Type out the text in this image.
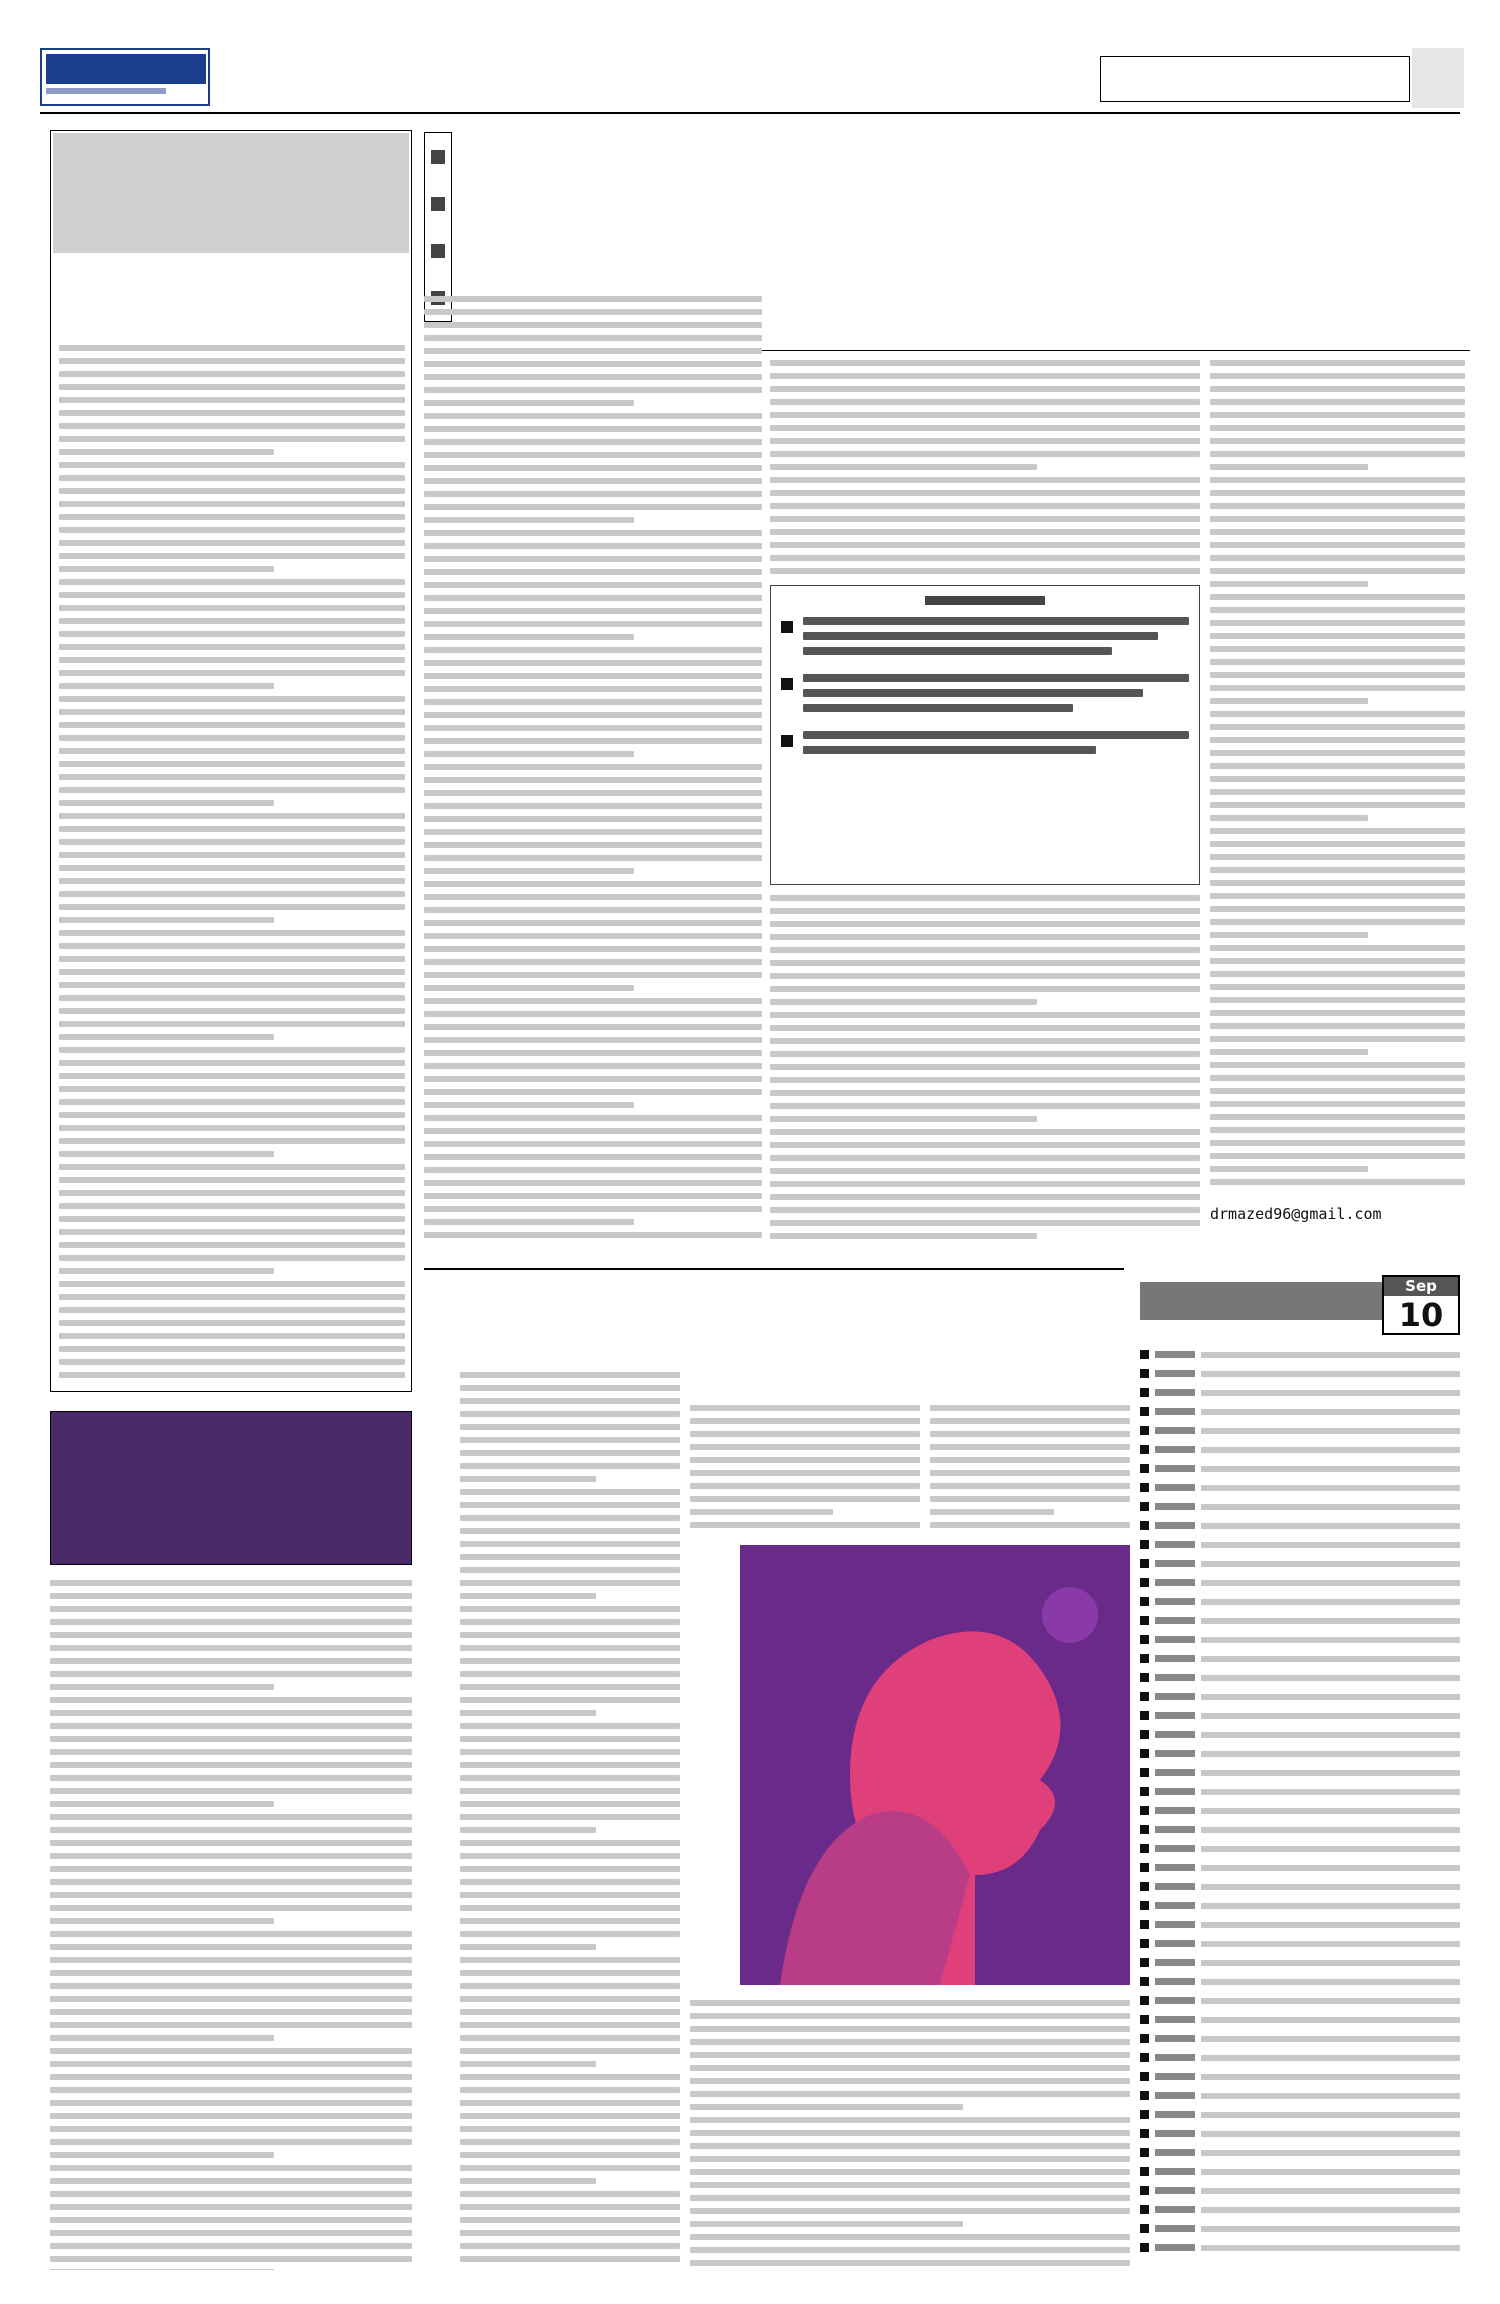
drmazed96@gmail.com
Sep
10
